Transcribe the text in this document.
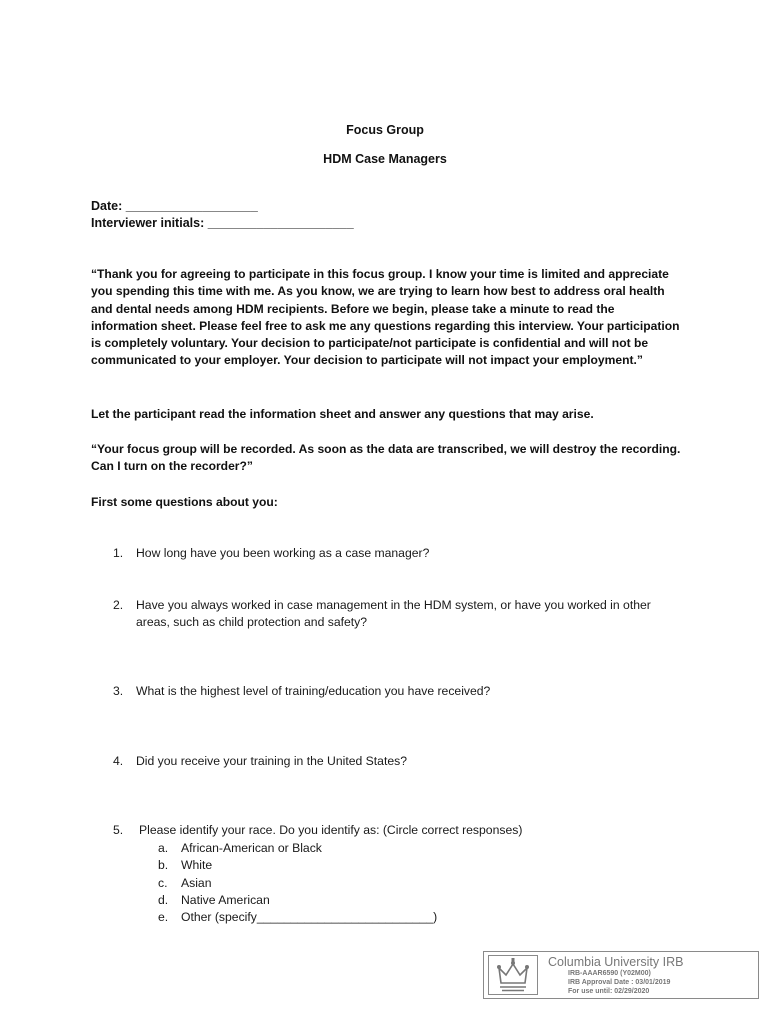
Focus Group
HDM Case Managers
Date: ___________________
Interviewer initials: _____________________
“Thank you for agreeing to participate in this focus group. I know your time is limited and appreciate you spending this time with me. As you know, we are trying to learn how best to address oral health and dental needs among HDM recipients. Before we begin, please take a minute to read the information sheet. Please feel free to ask me any questions regarding this interview. Your participation is completely voluntary. Your decision to participate/not participate is confidential and will not be communicated to your employer. Your decision to participate will not impact your employment.”
Let the participant read the information sheet and answer any questions that may arise.
“Your focus group will be recorded. As soon as the data are transcribed, we will destroy the recording. Can I turn on the recorder?”
First some questions about you:
1. How long have you been working as a case manager?
2. Have you always worked in case management in the HDM system, or have you worked in other areas, such as child protection and safety?
3. What is the highest level of training/education you have received?
4. Did you receive your training in the United States?
5. Please identify your race. Do you identify as: (Circle correct responses)
a. African-American or Black
b. White
c. Asian
d. Native American
e. Other (specify__________________________)
Columbia University IRB
IRB-AAAR6590 (Y02M00)
IRB Approval Date : 03/01/2019
For use until: 02/29/2020
